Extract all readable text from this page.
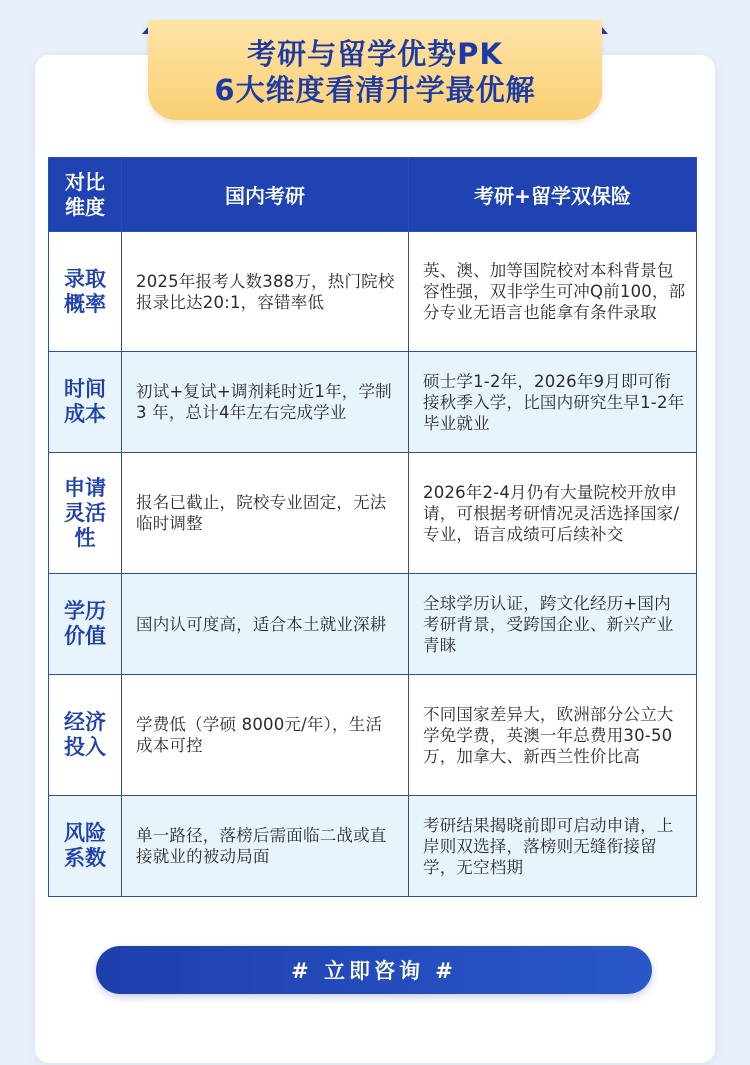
考研与留学优势PK
6大维度看清升学最优解
对比
维度	国内考研	考研+留学双保险
录取
概率	2025年报考人数388万，热门院校报录比达20:1，容错率低	英、澳、加等国院校对本科背景包容性强，双非学生可冲Q前100，部分专业无语言也能拿有条件录取
时间
成本	初试+复试+调剂耗时近1年，学制 3 年，总计4年左右完成学业	硕士学1-2年，2026年9月即可衔接秋季入学，比国内研究生早1-2年毕业就业
申请
灵活
性	报名已截止，院校专业固定，无法临时调整	2026年2-4月仍有大量院校开放申请，可根据考研情况灵活选择国家/专业，语言成绩可后续补交
学历
价值	国内认可度高，适合本土就业深耕	全球学历认证，跨文化经历+国内考研背景，受跨国企业、新兴产业青睐
经济
投入	学费低（学硕 8000元/年），生活成本可控	不同国家差异大，欧洲部分公立大学免学费，英澳一年总费用30-50万，加拿大、新西兰性价比高
风险
系数	单一路径，落榜后需面临二战或直接就业的被动局面	考研结果揭晓前即可启动申请，上岸则双选择，落榜则无缝衔接留学，无空档期
# 立即咨询 #
